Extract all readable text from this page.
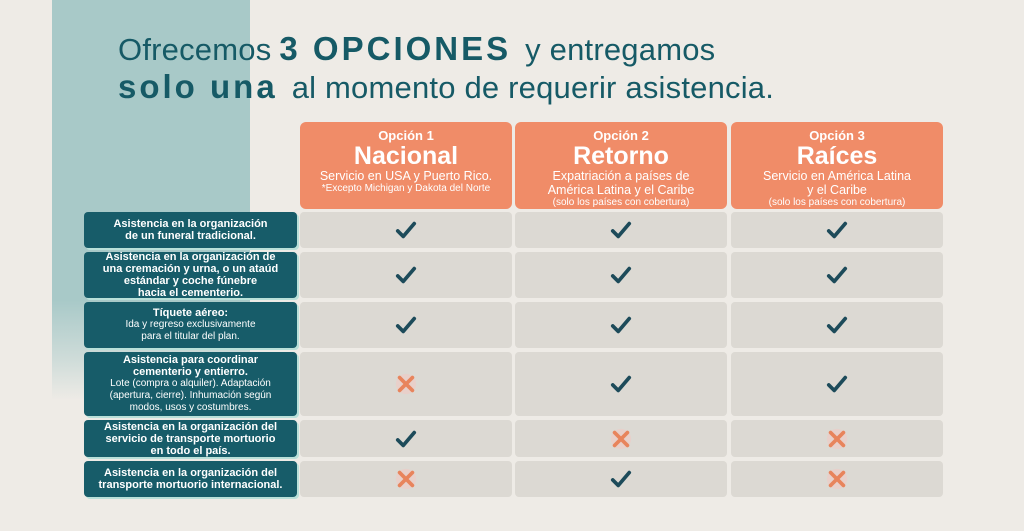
Ofrecemos 3 OPCIONES y entregamos
solo una al momento de requerir asistencia.
Opción 1
Nacional
Servicio en USA y Puerto Rico.
*Excepto Michigan y Dakota del Norte
Opción 2
Retorno
Expatriación a países de
América Latina y el Caribe
(solo los países con cobertura)
Opción 3
Raíces
Servicio en América Latina
y el Caribe
(solo los países con cobertura)
Asistencia en la organización
de un funeral tradicional.
Asistencia en la organización de
una cremación y urna, o un ataúd
estándar y coche fúnebre
hacia el cementerio.
Tíquete aéreo:
Ida y regreso exclusivamente
para el titular del plan.
Asistencia para coordinar
cementerio y entierro.
Lote (compra o alquiler). Adaptación
(apertura, cierre). Inhumación según
modos, usos y costumbres.
Asistencia en la organización del
servicio de transporte mortuorio
en todo el país.
Asistencia en la organización del
transporte mortuorio internacional.
